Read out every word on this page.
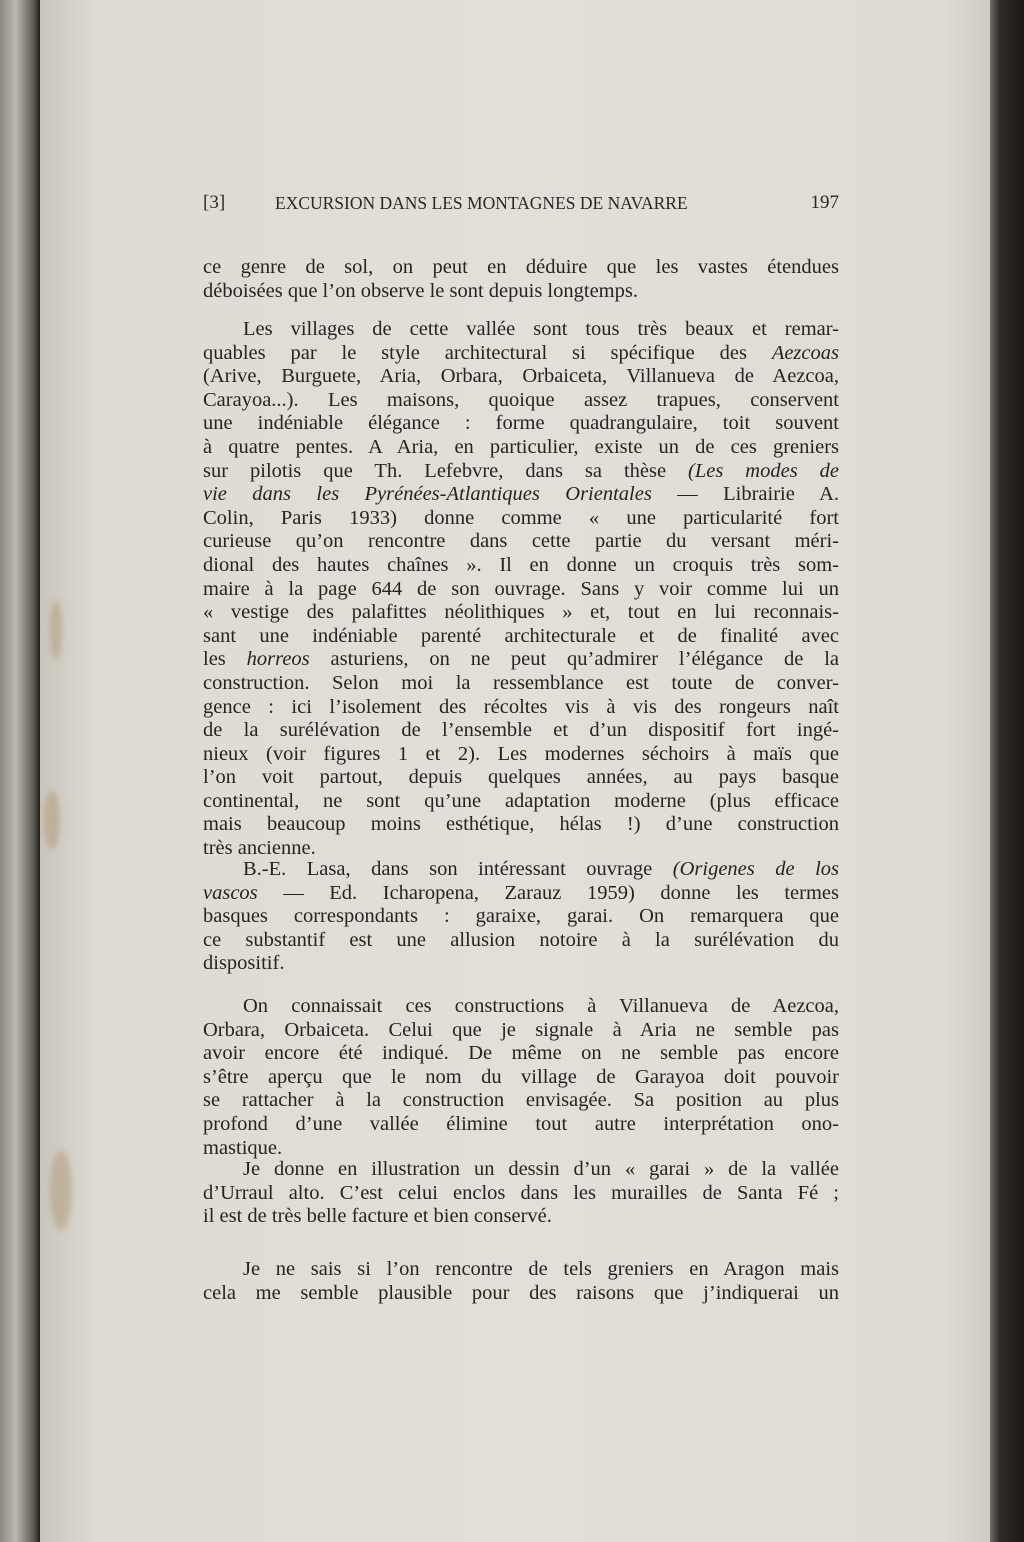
[3]	EXCURSION DANS LES MONTAGNES DE NAVARRE	197
ce genre de sol, on peut en déduire que les vastes étendues
déboisées que l’on observe le sont depuis longtemps.
Les villages de cette vallée sont tous très beaux et remar-
quables par le style architectural si spécifique des Aezcoas
(Arive, Burguete, Aria, Orbara, Orbaiceta, Villanueva de Aezcoa,
Carayoa...). Les maisons, quoique assez trapues, conservent
une indéniable élégance : forme quadrangulaire, toit souvent
à quatre pentes. A Aria, en particulier, existe un de ces greniers
sur pilotis que Th. Lefebvre, dans sa thèse (Les modes de
vie dans les Pyrénées-Atlantiques Orientales — Librairie A.
Colin, Paris 1933) donne comme « une particularité fort
curieuse qu’on rencontre dans cette partie du versant méri-
dional des hautes chaînes ». Il en donne un croquis très som-
maire à la page 644 de son ouvrage. Sans y voir comme lui un
« vestige des palafittes néolithiques » et, tout en lui reconnais-
sant une indéniable parenté architecturale et de finalité avec
les horreos asturiens, on ne peut qu’admirer l’élégance de la
construction. Selon moi la ressemblance est toute de conver-
gence : ici l’isolement des récoltes vis à vis des rongeurs naît
de la surélévation de l’ensemble et d’un dispositif fort ingé-
nieux (voir figures 1 et 2). Les modernes séchoirs à maïs que
l’on voit partout, depuis quelques années, au pays basque
continental, ne sont qu’une adaptation moderne (plus efficace
mais beaucoup moins esthétique, hélas !) d’une construction
très ancienne.
B.-E. Lasa, dans son intéressant ouvrage (Origenes de los
vascos — Ed. Icharopena, Zarauz 1959) donne les termes
basques correspondants : garaixe, garai. On remarquera que
ce substantif est une allusion notoire à la surélévation du
dispositif.
On connaissait ces constructions à Villanueva de Aezcoa,
Orbara, Orbaiceta. Celui que je signale à Aria ne semble pas
avoir encore été indiqué. De même on ne semble pas encore
s’être aperçu que le nom du village de Garayoa doit pouvoir
se rattacher à la construction envisagée. Sa position au plus
profond d’une vallée élimine tout autre interprétation ono-
mastique.
Je donne en illustration un dessin d’un « garai » de la vallée
d’Urraul alto. C’est celui enclos dans les murailles de Santa Fé ;
il est de très belle facture et bien conservé.
Je ne sais si l’on rencontre de tels greniers en Aragon mais
cela me semble plausible pour des raisons que j’indiquerai un
